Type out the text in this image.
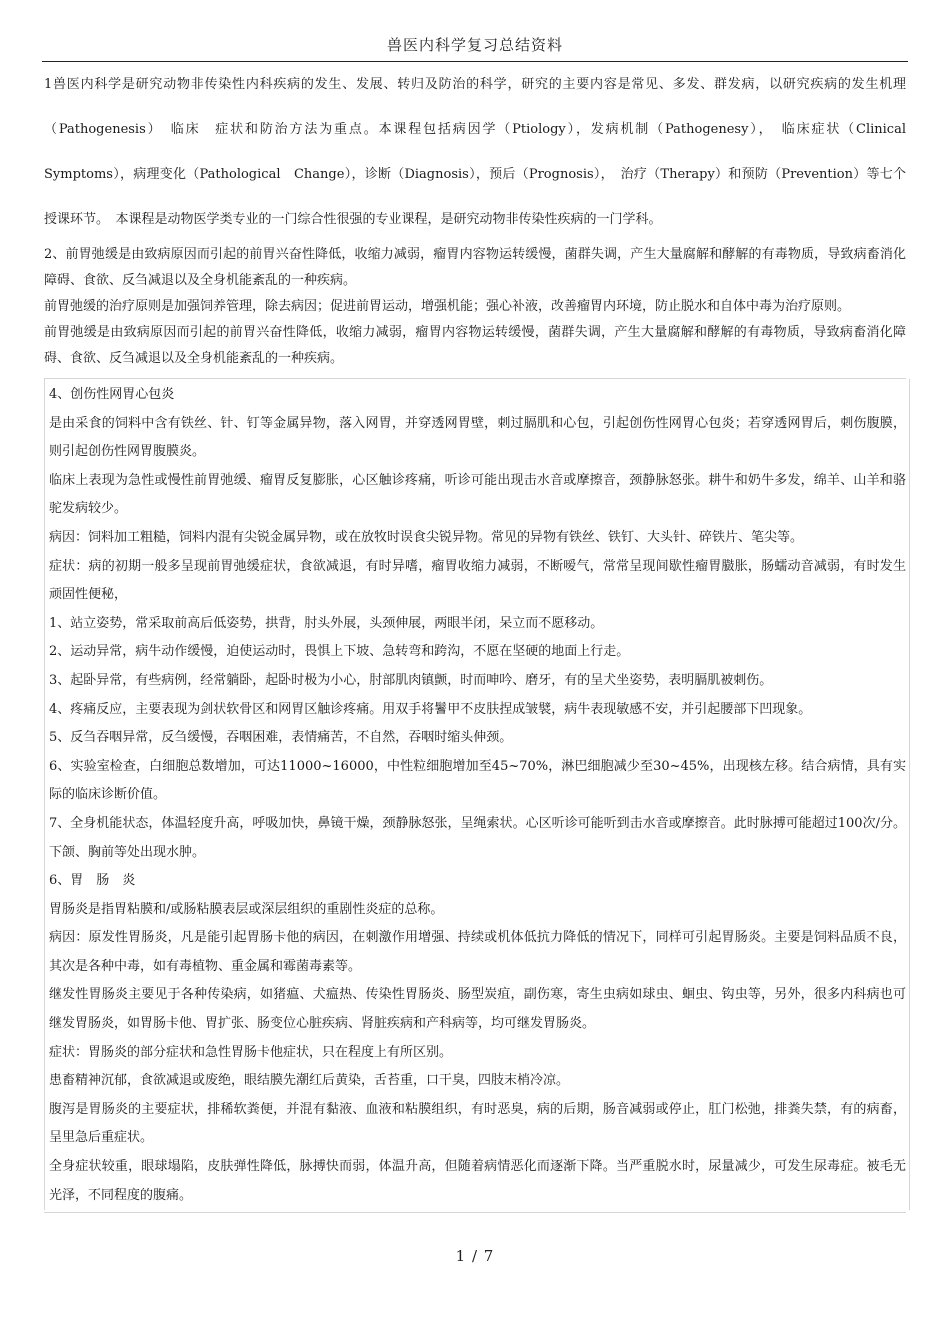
兽医内科学复习总结资料

1兽医内科学是研究动物非传染性内科疾病的发生、发展、转归及防治的科学，研究的主要内容是常见、多发、群发病，以研究疾病的发生机理（Pathogenesis）　临床　症状和防治方法为重点。本课程包括病因学（Ptiology），发病机制（Pathogenesy），　临床症状（Clinical　Symptoms），病理变化（Pathological　Change），诊断（Diagnosis），预后（Prognosis），　治疗（Therapy）和预防（Prevention）等七个授课环节。　本课程是动物医学类专业的一门综合性很强的专业课程，是研究动物非传染性疾病的一门学科。

2、前胃弛缓是由致病原因而引起的前胃兴奋性降低，收缩力减弱，瘤胃内容物运转缓慢，菌群失调，产生大量腐解和酵解的有毒物质，导致病畜消化障碍、食欲、反刍减退以及全身机能紊乱的一种疾病。

前胃弛缓的治疗原则是加强饲养管理，除去病因；促进前胃运动，增强机能；强心补液，改善瘤胃内环境，防止脱水和自体中毒为治疗原则。

前胃弛缓是由致病原因而引起的前胃兴奋性降低，收缩力减弱，瘤胃内容物运转缓慢，菌群失调，产生大量腐解和酵解的有毒物质，导致病畜消化障碍、食欲、反刍减退以及全身机能紊乱的一种疾病。

4、创伤性网胃心包炎

是由采食的饲料中含有铁丝、针、钉等金属异物，落入网胃，并穿透网胃壁，刺过膈肌和心包，引起创伤性网胃心包炎；若穿透网胃后，刺伤腹膜，则引起创伤性网胃腹膜炎。

临床上表现为急性或慢性前胃弛缓、瘤胃反复膨胀，心区触诊疼痛，听诊可能出现击水音或摩擦音，颈静脉怒张。耕牛和奶牛多发，绵羊、山羊和骆驼发病较少。

病因：饲料加工粗糙，饲料内混有尖锐金属异物，或在放牧时误食尖锐异物。常见的异物有铁丝、铁钉、大头针、碎铁片、笔尖等。

症状：病的初期一般多呈现前胃弛缓症状，食欲减退，有时异嗜，瘤胃收缩力减弱，不断嗳气，常常呈现间歇性瘤胃臌胀，肠蠕动音减弱，有时发生顽固性便秘，

1、站立姿势，常采取前高后低姿势，拱背，肘头外展，头颈伸展，两眼半闭，呆立而不愿移动。

2、运动异常，病牛动作缓慢，迫使运动时，畏惧上下坡、急转弯和跨沟，不愿在坚硬的地面上行走。

3、起卧异常，有些病例，经常躺卧，起卧时极为小心，肘部肌肉镇颤，时而呻吟、磨牙，有的呈犬坐姿势，表明膈肌被刺伤。

4、疼痛反应，主要表现为剑状软骨区和网胃区触诊疼痛。用双手将鬐甲不皮肤捏成皱襞，病牛表现敏感不安，并引起腰部下凹现象。

5、反刍吞咽异常，反刍缓慢，吞咽困难，表情痛苦，不自然，吞咽时缩头伸颈。

6、实验室检查，白细胞总数增加，可达11000~16000，中性粒细胞增加至45~70%，淋巴细胞减少至30~45%，出现核左移。结合病情，具有实际的临床诊断价值。

7、全身机能状态，体温轻度升高，呼吸加快，鼻镜干燥，颈静脉怒张，呈绳索状。心区听诊可能听到击水音或摩擦音。此时脉搏可能超过100次/分。下颌、胸前等处出现水肿。

6、胃　肠　炎

胃肠炎是指胃粘膜和/或肠粘膜表层或深层组织的重剧性炎症的总称。

病因：原发性胃肠炎，凡是能引起胃肠卡他的病因，在刺激作用增强、持续或机体低抗力降低的情况下，同样可引起胃肠炎。主要是饲料品质不良，其次是各种中毒，如有毒植物、重金属和霉菌毒素等。

继发性胃肠炎主要见于各种传染病，如猪瘟、犬瘟热、传染性胃肠炎、肠型炭疽，副伤寒，寄生虫病如球虫、蛔虫、钩虫等，另外，很多内科病也可继发胃肠炎，如胃肠卡他、胃扩张、肠变位心脏疾病、肾脏疾病和产科病等，均可继发胃肠炎。

症状：胃肠炎的部分症状和急性胃肠卡他症状，只在程度上有所区别。

患畜精神沉郁，食欲减退或废绝，眼结膜先潮红后黄染，舌苔重，口干臭，四肢末梢冷凉。

腹泻是胃肠炎的主要症状，排稀软粪便，并混有黏液、血液和粘膜组织，有时恶臭，病的后期，肠音减弱或停止，肛门松弛，排粪失禁，有的病畜，呈里急后重症状。

全身症状较重，眼球塌陷，皮肤弹性降低，脉搏快而弱，体温升高，但随着病情恶化而逐渐下降。当严重脱水时，尿量减少，可发生尿毒症。被毛无光泽，不同程度的腹痛。

1 / 7
